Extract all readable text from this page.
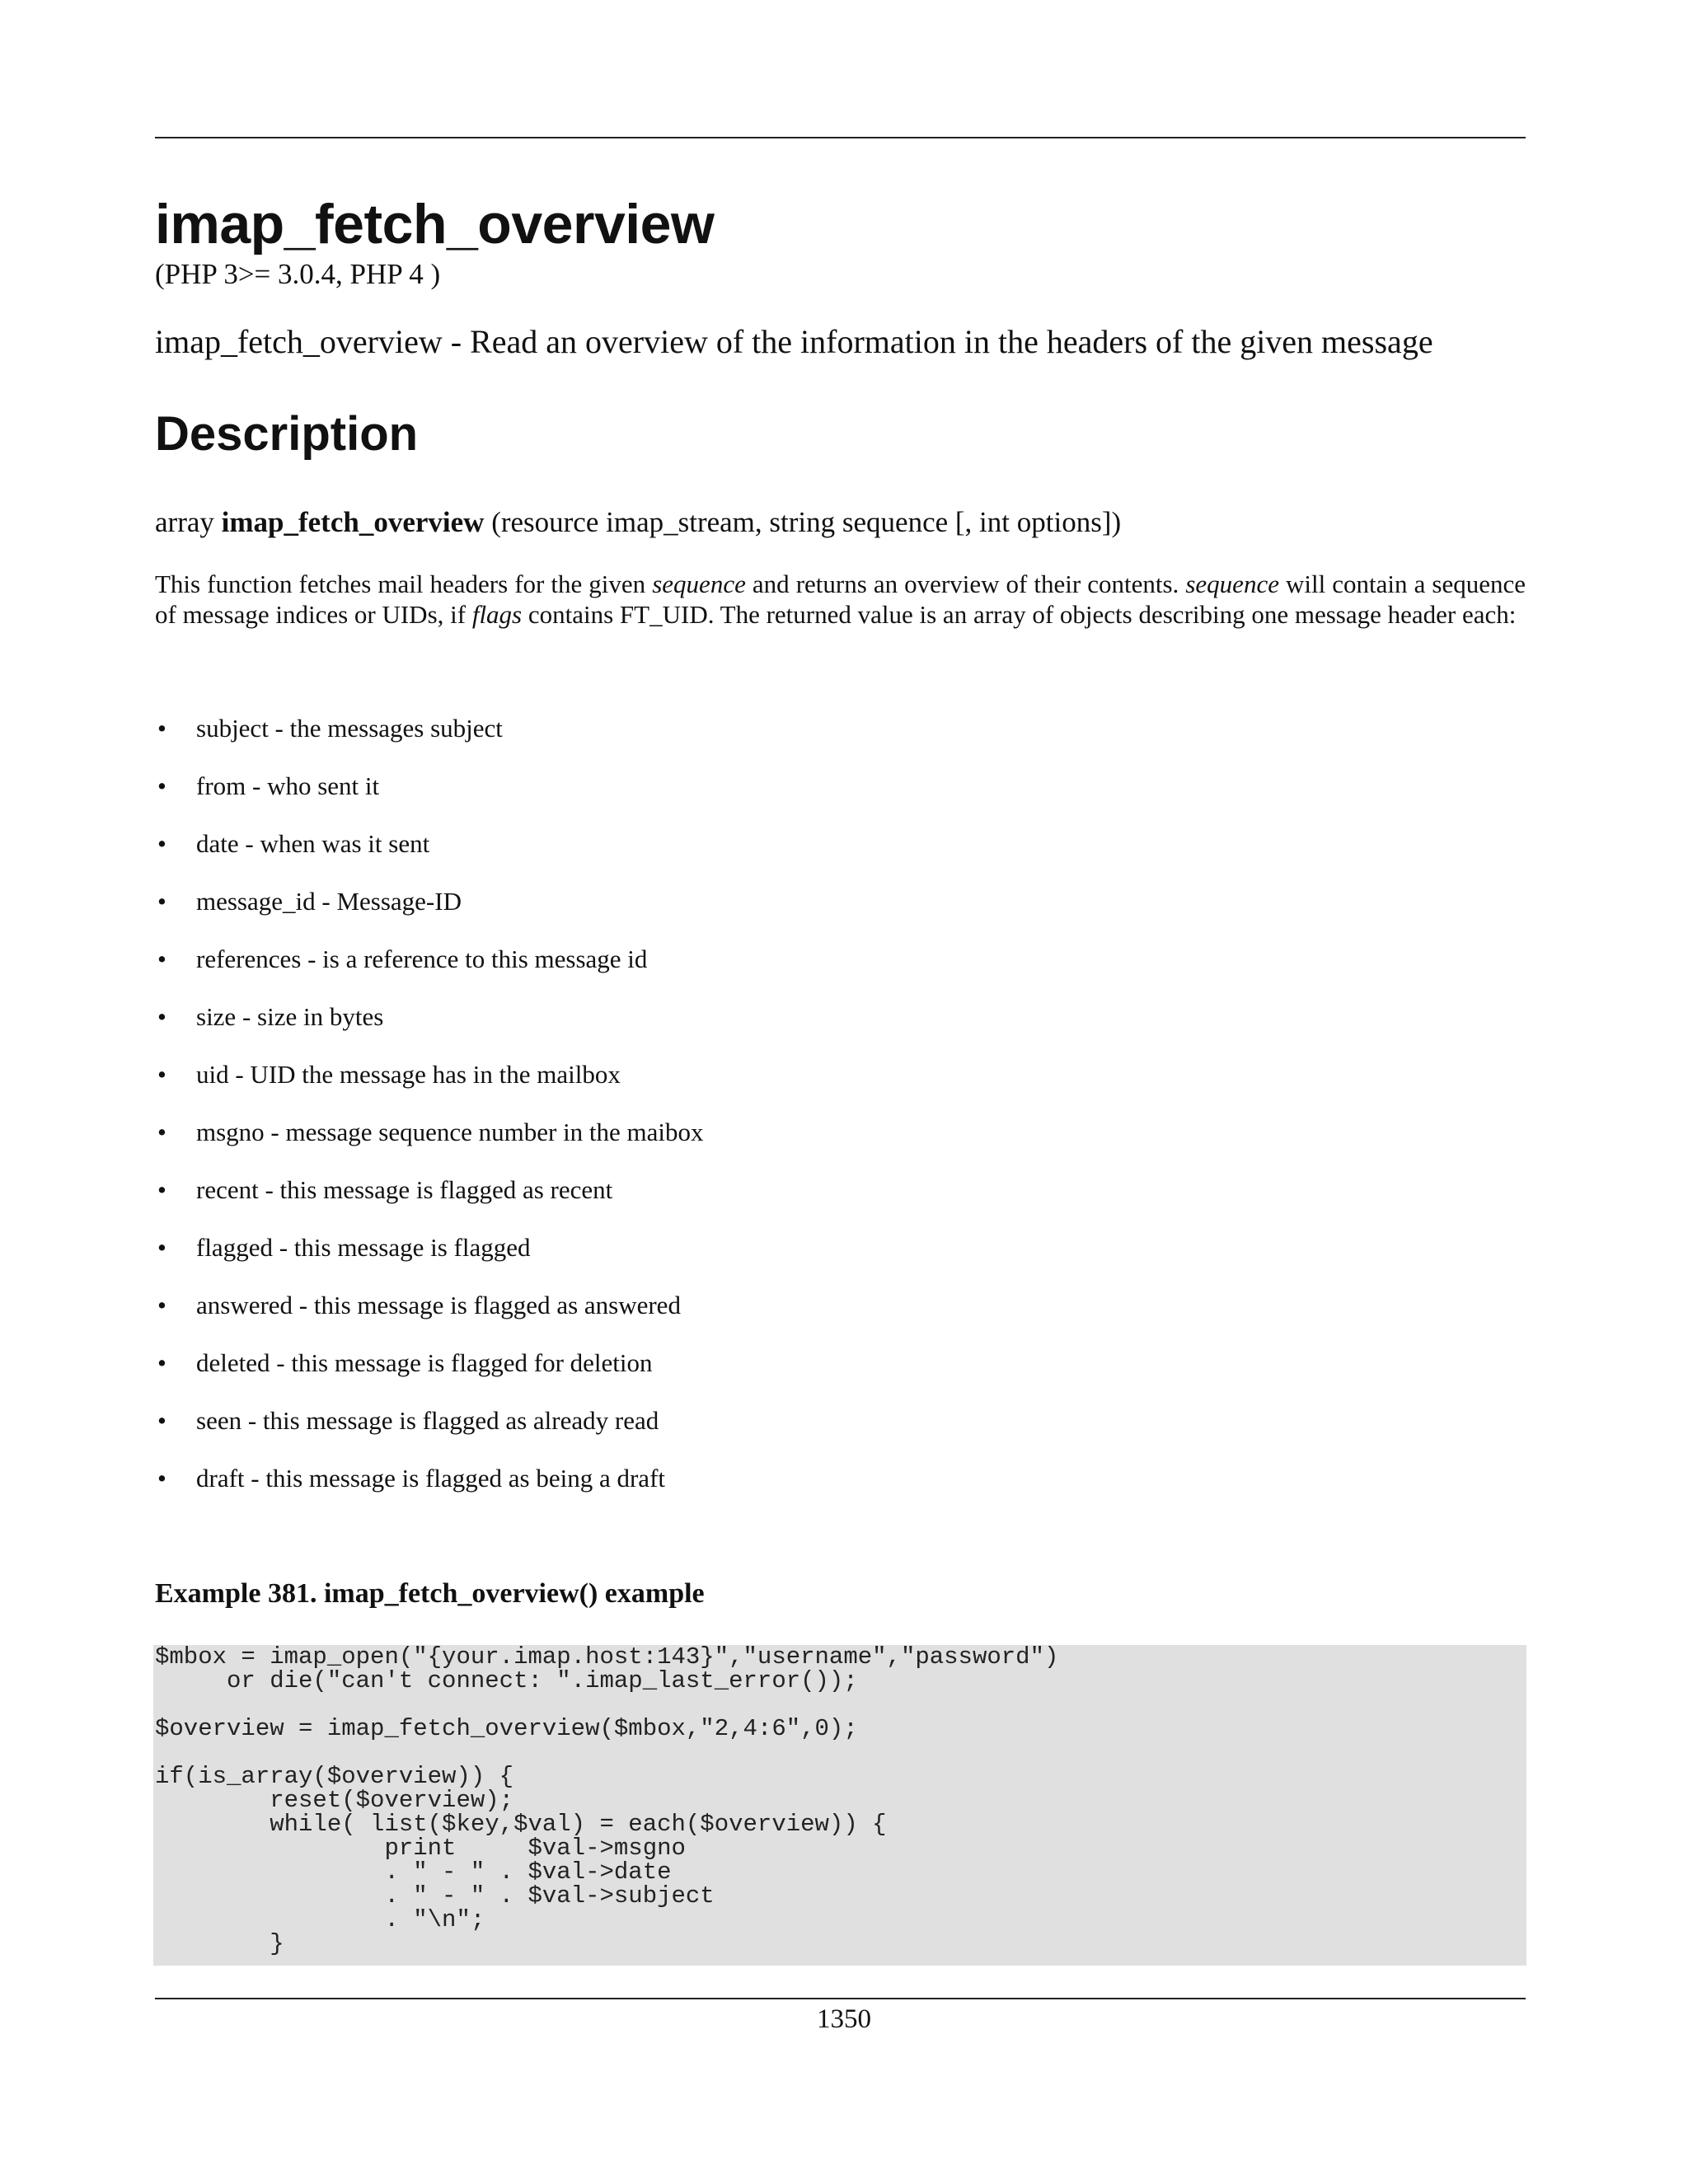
imap_fetch_overview
(PHP 3>= 3.0.4, PHP 4 )
imap_fetch_overview - Read an overview of the information in the headers of the given message
Description
array imap_fetch_overview (resource imap_stream, string sequence [, int options])

This function fetches mail headers for the given sequence and returns an overview of their contents. sequence will contain a sequence of message indices or UIDs, if flags contains FT_UID. The returned value is an array of objects describing one message header each:

• subject - the messages subject
• from - who sent it
• date - when was it sent
• message_id - Message-ID
• references - is a reference to this message id
• size - size in bytes
• uid - UID the message has in the mailbox
• msgno - message sequence number in the maibox
• recent - this message is flagged as recent
• flagged - this message is flagged
• answered - this message is flagged as answered
• deleted - this message is flagged for deletion
• seen - this message is flagged as already read
• draft - this message is flagged as being a draft
Example 381. imap_fetch_overview() example
$mbox = imap_open("{your.imap.host:143}","username","password")
or die("can't connect: ".imap_last_error());
$overview = imap_fetch_overview($mbox,"2,4:6",0);
if(is_array($overview)) {
reset($overview);
while( list($key,$val) = each($overview)) {
print     $val->msgno
. " - " . $val->date
. " - " . $val->subject
. "\n";
}
1350
